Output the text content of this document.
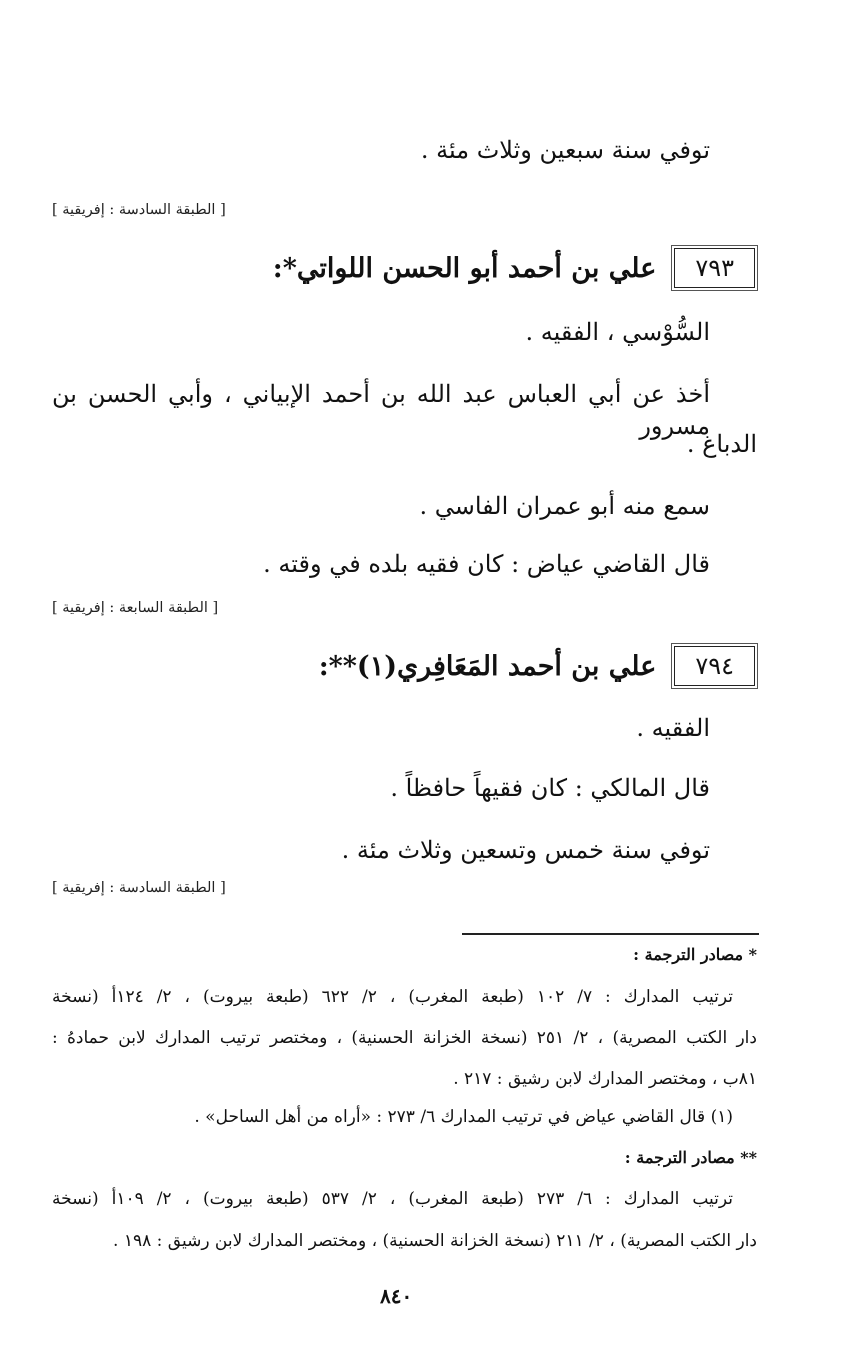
توفي سنة سبعين وثلاث مئة .
[ الطبقة السادسة : إفريقية ]
٧٩٣
علي بن أحمد أبو الحسن اللواتي*:
السُّوْسي ، الفقيه .
أخذ عن أبي العباس عبد الله بن أحمد الإبياني ، وأبي الحسن بن مسرور
الدباغ .
سمع منه أبو عمران الفاسي .
قال القاضي عياض : كان فقيه بلده في وقته .
[ الطبقة السابعة : إفريقية ]
٧٩٤
علي بن أحمد المَعَافِري(١)**:
الفقيه .
قال المالكي : كان فقيهاً حافظاً .
توفي سنة خمس وتسعين وثلاث مئة .
[ الطبقة السادسة : إفريقية ]
* مصادر الترجمة :
ترتيب المدارك : ٧/ ١٠٢ (طبعة المغرب) ، ٢/ ٦٢٢ (طبعة بيروت) ، ٢/ ١٢٤أ (نسخة
دار الكتب المصرية) ، ٢/ ٢٥١ (نسخة الخزانة الحسنية) ، ومختصر ترتيب المدارك لابن حمادهُ :
٨١ب ، ومختصر المدارك لابن رشيق : ٢١٧ .
(١) قال القاضي عياض في ترتيب المدارك ٦/ ٢٧٣ : «أراه من أهل الساحل» .
** مصادر الترجمة :
ترتيب المدارك : ٦/ ٢٧٣ (طبعة المغرب) ، ٢/ ٥٣٧ (طبعة بيروت) ، ٢/ ١٠٩أ (نسخة
دار الكتب المصرية) ، ٢/ ٢١١ (نسخة الخزانة الحسنية) ، ومختصر المدارك لابن رشيق : ١٩٨ .
٨٤٠
